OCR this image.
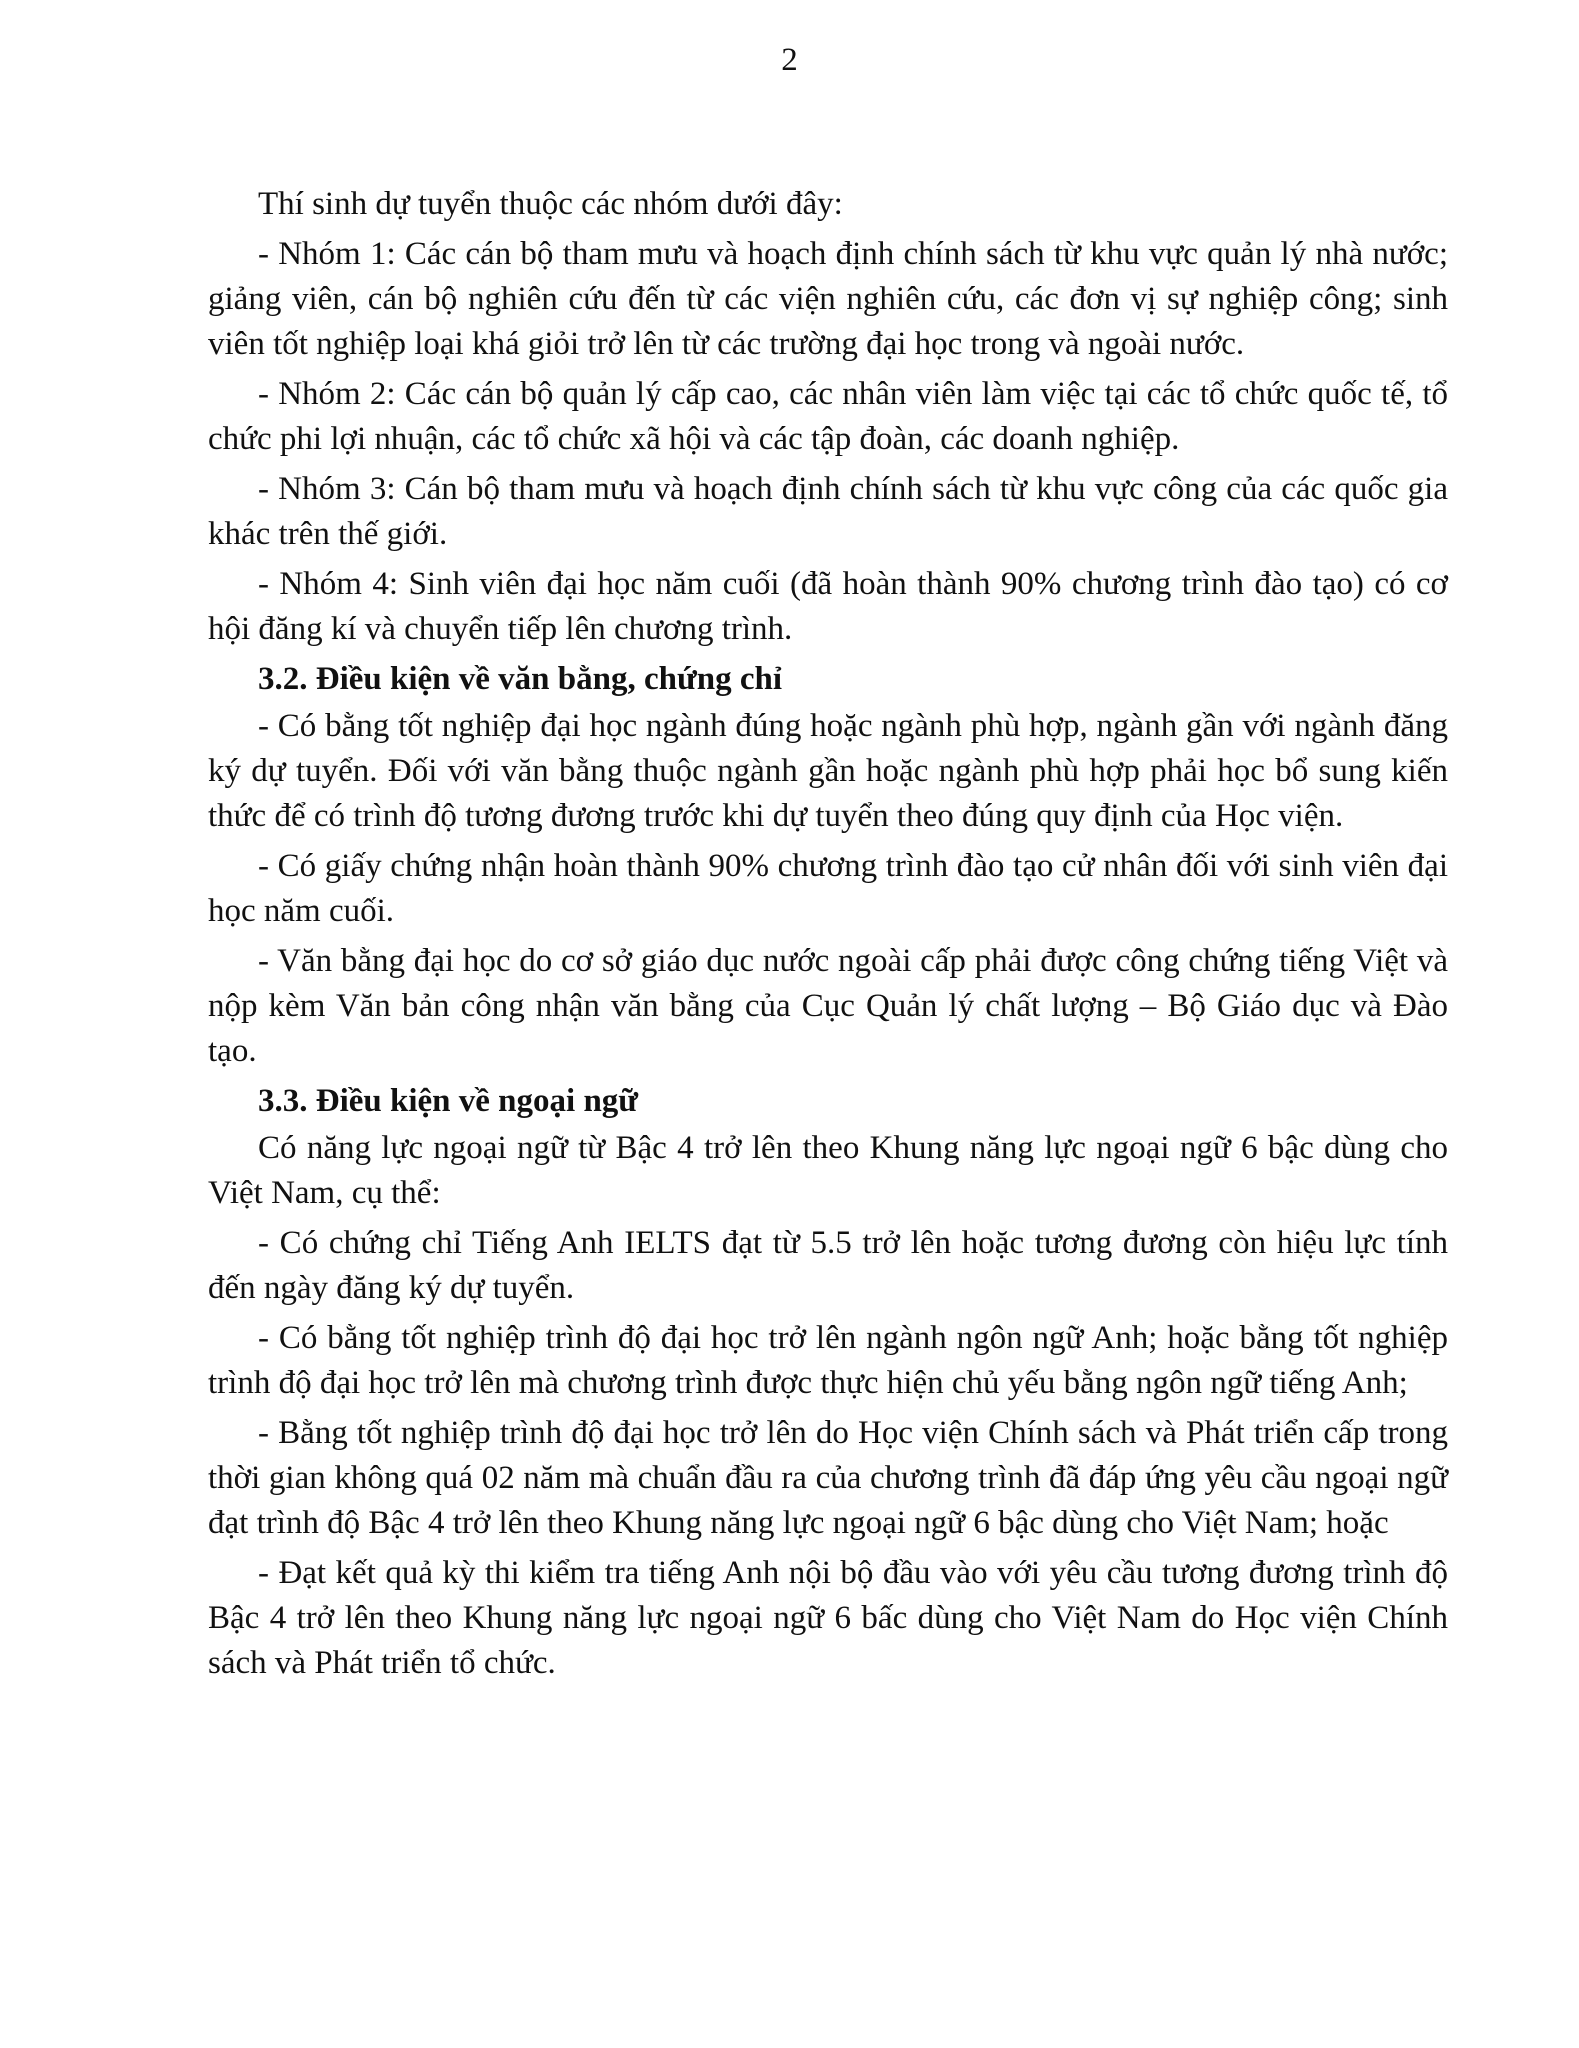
2

Thí sinh dự tuyển thuộc các nhóm dưới đây:

- Nhóm 1: Các cán bộ tham mưu và hoạch định chính sách từ khu vực quản lý nhà nước; giảng viên, cán bộ nghiên cứu đến từ các viện nghiên cứu, các đơn vị sự nghiệp công; sinh viên tốt nghiệp loại khá giỏi trở lên từ các trường đại học trong và ngoài nước.

- Nhóm 2: Các cán bộ quản lý cấp cao, các nhân viên làm việc tại các tổ chức quốc tế, tổ chức phi lợi nhuận, các tổ chức xã hội và các tập đoàn, các doanh nghiệp.

- Nhóm 3: Cán bộ tham mưu và hoạch định chính sách từ khu vực công của các quốc gia khác trên thế giới.

- Nhóm 4: Sinh viên đại học năm cuối (đã hoàn thành 90% chương trình đào tạo) có cơ hội đăng kí và chuyển tiếp lên chương trình.

3.2. Điều kiện về văn bằng, chứng chỉ

- Có bằng tốt nghiệp đại học ngành đúng hoặc ngành phù hợp, ngành gần với ngành đăng ký dự tuyển. Đối với văn bằng thuộc ngành gần hoặc ngành phù hợp phải học bổ sung kiến thức để có trình độ tương đương trước khi dự tuyển theo đúng quy định của Học viện.

- Có giấy chứng nhận hoàn thành 90% chương trình đào tạo cử nhân đối với sinh viên đại học năm cuối.

- Văn bằng đại học do cơ sở giáo dục nước ngoài cấp phải được công chứng tiếng Việt và nộp kèm Văn bản công nhận văn bằng của Cục Quản lý chất lượng – Bộ Giáo dục và Đào tạo.

3.3. Điều kiện về ngoại ngữ

Có năng lực ngoại ngữ từ Bậc 4 trở lên theo Khung năng lực ngoại ngữ 6 bậc dùng cho Việt Nam, cụ thể:

- Có chứng chỉ Tiếng Anh IELTS đạt từ 5.5 trở lên hoặc tương đương còn hiệu lực tính đến ngày đăng ký dự tuyển.

- Có bằng tốt nghiệp trình độ đại học trở lên ngành ngôn ngữ Anh; hoặc bằng tốt nghiệp trình độ đại học trở lên mà chương trình được thực hiện chủ yếu bằng ngôn ngữ tiếng Anh;

- Bằng tốt nghiệp trình độ đại học trở lên do Học viện Chính sách và Phát triển cấp trong thời gian không quá 02 năm mà chuẩn đầu ra của chương trình đã đáp ứng yêu cầu ngoại ngữ đạt trình độ Bậc 4 trở lên theo Khung năng lực ngoại ngữ 6 bậc dùng cho Việt Nam; hoặc

- Đạt kết quả kỳ thi kiểm tra tiếng Anh nội bộ đầu vào với yêu cầu tương đương trình độ Bậc 4 trở lên theo Khung năng lực ngoại ngữ 6 bấc dùng cho Việt Nam do Học viện Chính sách và Phát triển tổ chức.
